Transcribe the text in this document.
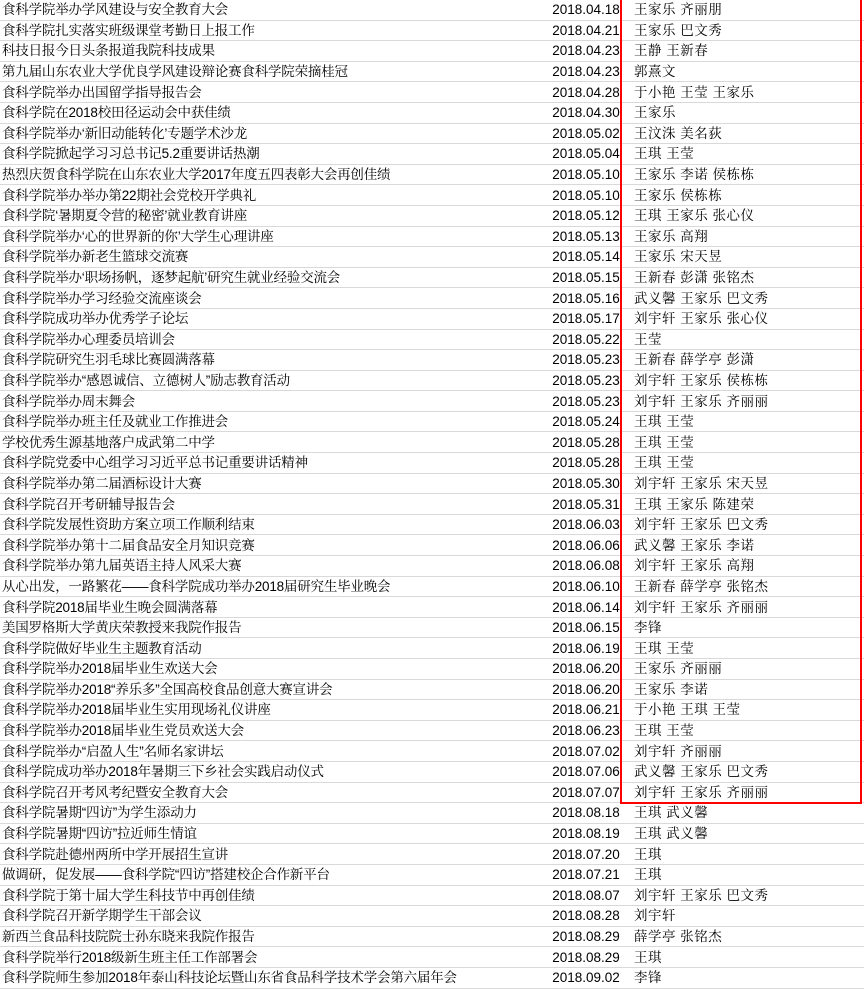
食科学院举办学风建设与安全教育大会	2018.04.18		王家乐 齐丽朋
食科学院扎实落实班级课堂考勤日上报工作	2018.04.21		王家乐 巴文秀
科技日报今日头条报道我院科技成果	2018.04.23		王静 王新春
第九届山东农业大学优良学风建设辩论赛食科学院荣摘桂冠	2018.04.23		郭熹文
食科学院举办出国留学指导报告会	2018.04.28		于小艳 王莹 王家乐
食科学院在2018校田径运动会中获佳绩	2018.04.30		王家乐
食科学院举办‘新旧动能转化’专题学术沙龙	2018.05.02		王汶洙 美名荻
食科学院掀起学习习总书记5.2重要讲话热潮	2018.05.04		王琪 王莹
热烈庆贺食科学院在山东农业大学2017年度五四表彰大会再创佳绩	2018.05.10		王家乐 李诺 侯栋栋
食科学院举办举办第22期社会党校开学典礼	2018.05.10		王家乐 侯栋栋
食科学院‘暑期夏令营的秘密’就业教育讲座	2018.05.12		王琪 王家乐 张心仪
食科学院举办‘心的世界新的你’大学生心理讲座	2018.05.13		王家乐 高翔
食科学院举办新老生篮球交流赛	2018.05.14		王家乐 宋天昱
食科学院举办‘职场扬帆，逐梦起航’研究生就业经验交流会	2018.05.15		王新春 彭潇 张铭杰
食科学院举办学习经验交流座谈会	2018.05.16		武义馨 王家乐 巴文秀
食科学院成功举办优秀学子论坛	2018.05.17		刘宇轩 王家乐 张心仪
食科学院举办心理委员培训会	2018.05.22		王莹
食科学院研究生羽毛球比赛圆满落幕	2018.05.23		王新春 薛学亭 彭潇
食科学院举办“感恩诚信、立德树人”励志教育活动	2018.05.23		刘宇轩 王家乐 侯栋栋
食科学院举办周末舞会	2018.05.23		刘宇轩 王家乐 齐丽丽
食科学院举办班主任及就业工作推进会	2018.05.24		王琪 王莹
学校优秀生源基地落户成武第二中学	2018.05.28		王琪 王莹
食科学院党委中心组学习习近平总书记重要讲话精神	2018.05.28		王琪 王莹
食科学院举办第二届酒标设计大赛	2018.05.30		刘宇轩 王家乐 宋天昱
食科学院召开考研辅导报告会	2018.05.31		王琪 王家乐 陈建荣
食科学院发展性资助方案立项工作顺利结束	2018.06.03		刘宇轩 王家乐 巴文秀
食科学院举办第十二届食品安全月知识竞赛	2018.06.06		武义馨 王家乐 李诺
食科学院举办第九届英语主持人风采大赛	2018.06.08		刘宇轩 王家乐 高翔
从心出发，一路繁花——食科学院成功举办2018届研究生毕业晚会	2018.06.10		王新春 薛学亭 张铭杰
食科学院2018届毕业生晚会圆满落幕	2018.06.14		刘宇轩 王家乐 齐丽丽
美国罗格斯大学黄庆荣教授来我院作报告	2018.06.15		李锋
食科学院做好毕业生主题教育活动	2018.06.19		王琪 王莹
食科学院举办2018届毕业生欢送大会	2018.06.20		王家乐 齐丽丽
食科学院举办2018“养乐多”全国高校食品创意大赛宣讲会	2018.06.20		王家乐 李诺
食科学院举办2018届毕业生实用现场礼仪讲座	2018.06.21		于小艳 王琪 王莹
食科学院举办2018届毕业生党员欢送大会	2018.06.23		王琪 王莹
食科学院举办“启盈人生”名师名家讲坛	2018.07.02		刘宇轩 齐丽丽
食科学院成功举办2018年暑期三下乡社会实践启动仪式	2018.07.06		武义馨 王家乐 巴文秀
食科学院召开考风考纪暨安全教育大会	2018.07.07		刘宇轩 王家乐 齐丽丽
食科学院暑期“四访”为学生添动力	2018.08.18		王琪 武义馨
食科学院暑期“四访”拉近师生情谊	2018.08.19		王琪 武义馨
食科学院赴德州两所中学开展招生宣讲	2018.07.20		王琪
做调研，促发展——食科学院“四访”搭建校企合作新平台	2018.07.21		王琪
食科学院于第十届大学生科技节中再创佳绩	2018.08.07		刘宇轩 王家乐 巴文秀
食科学院召开新学期学生干部会议	2018.08.28		刘宇轩
新西兰食品科技院院士孙东晓来我院作报告	2018.08.29		薛学亭 张铭杰
食科学院举行2018级新生班主任工作部署会	2018.08.29		王琪
食科学院师生参加2018年泰山科技论坛暨山东省食品科学技术学会第六届年会	2018.09.02		李锋
